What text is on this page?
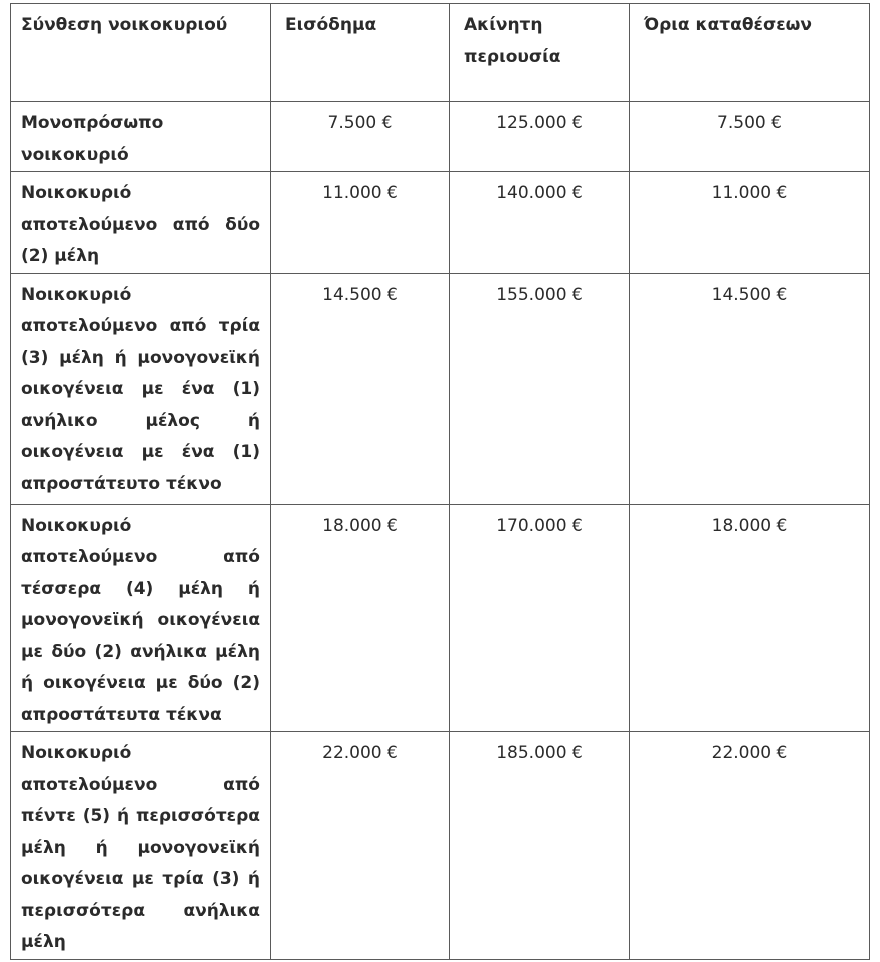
Σύνθεση νοικοκυριού	Εισόδημα	Ακίνητη περιουσία	Όρια καταθέσεων
Μονοπρόσωπο νοικοκυριό	7.500 €	125.000 €	7.500 €
Νοικοκυριό αποτελούμενο από δύο (2) μέλη	11.000 €	140.000 €	11.000 €
Νοικοκυριό αποτελούμενο από τρία (3) μέλη ή μονογονεϊκή οικογένεια με ένα (1) ανήλικο μέλος ή οικογένεια με ένα (1) απροστάτευτο τέκνο	14.500 €	155.000 €	14.500 €
Νοικοκυριό αποτελούμενο από τέσσερα (4) μέλη ή μονογονεϊκή οικογένεια με δύο (2) ανήλικα μέλη ή οικογένεια με δύο (2) απροστάτευτα τέκνα	18.000 €	170.000 €	18.000 €
Νοικοκυριό αποτελούμενο από πέντε (5) ή περισσότερα μέλη ή μονογονεϊκή οικογένεια με τρία (3) ή περισσότερα ανήλικα μέλη	22.000 €	185.000 €	22.000 €
